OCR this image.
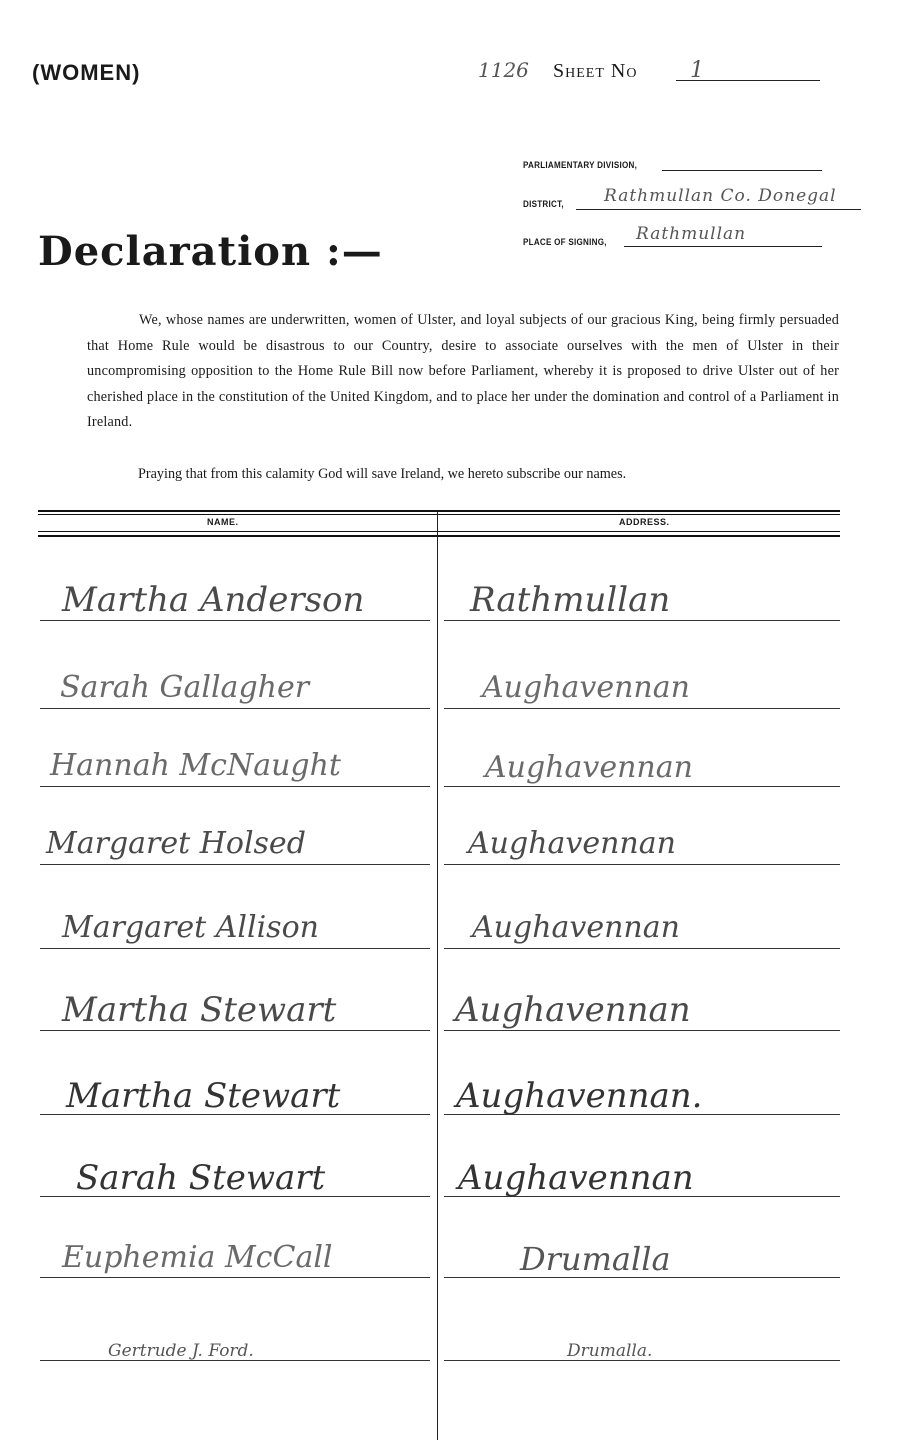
(WOMEN)	1126 Sheet No 1
PARLIAMENTARY DIVISION,
DISTRICT, Rathmullan Co. Donegal
PLACE OF SIGNING, Rathmullan
Declaration :—
We, whose names are underwritten, women of Ulster, and loyal subjects of our gracious King, being firmly persuaded that Home Rule would be disastrous to our Country, desire to associate ourselves with the men of Ulster in their uncompromising opposition to the Home Rule Bill now before Parliament, whereby it is proposed to drive Ulster out of her cherished place in the constitution of the United Kingdom, and to place her under the domination and control of a Parliament in Ireland.
Praying that from this calamity God will save Ireland, we hereto subscribe our names.
NAME.	ADDRESS.
Martha Anderson	Rathmullan
Sarah Gallagher	Aughavennan
Hannah McNaught	Aughavennan
Margaret Holsed	Aughavennan
Margaret Allison	Aughavennan
Martha Stewart	Aughavennan
Martha Stewart	Aughavennan.
Sarah Stewart	Aughavennan
Euphemia McCall	Drumalla
Gertrude J. Ford.	Drumalla.
